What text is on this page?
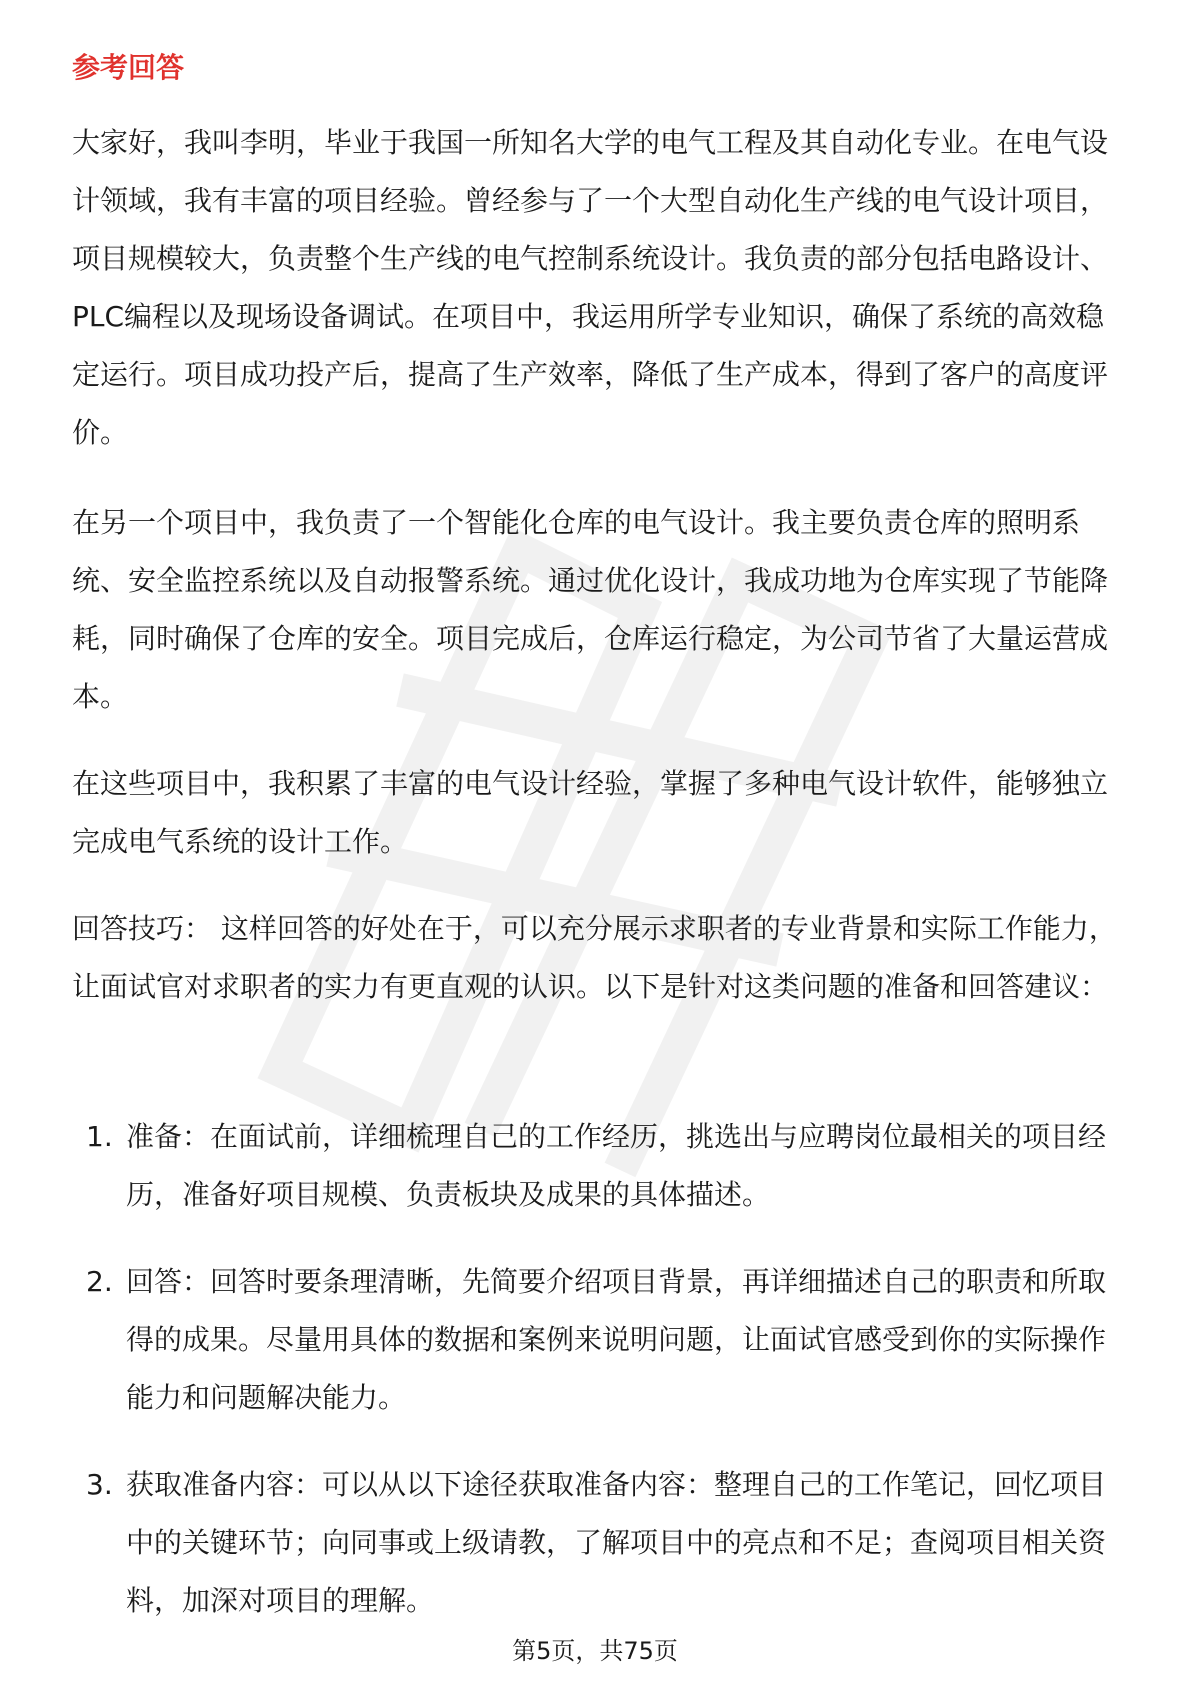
参考回答

大家好，我叫李明，毕业于我国一所知名大学的电气工程及其自动化专业。在电气设计领域，我有丰富的项目经验。曾经参与了一个大型自动化生产线的电气设计项目，项目规模较大，负责整个生产线的电气控制系统设计。我负责的部分包括电路设计、PLC编程以及现场设备调试。在项目中，我运用所学专业知识，确保了系统的高效稳定运行。项目成功投产后，提高了生产效率，降低了生产成本，得到了客户的高度评价。

在另一个项目中，我负责了一个智能化仓库的电气设计。我主要负责仓库的照明系统、安全监控系统以及自动报警系统。通过优化设计，我成功地为仓库实现了节能降耗，同时确保了仓库的安全。项目完成后，仓库运行稳定，为公司节省了大量运营成本。

在这些项目中，我积累了丰富的电气设计经验，掌握了多种电气设计软件，能够独立完成电气系统的设计工作。

回答技巧： 这样回答的好处在于，可以充分展示求职者的专业背景和实际工作能力，让面试官对求职者的实力有更直观的认识。以下是针对这类问题的准备和回答建议：

1. 准备：在面试前，详细梳理自己的工作经历，挑选出与应聘岗位最相关的项目经历，准备好项目规模、负责板块及成果的具体描述。
2. 回答：回答时要条理清晰，先简要介绍项目背景，再详细描述自己的职责和所取得的成果。尽量用具体的数据和案例来说明问题，让面试官感受到你的实际操作能力和问题解决能力。
3. 获取准备内容：可以从以下途径获取准备内容：整理自己的工作笔记，回忆项目中的关键环节；向同事或上级请教，了解项目中的亮点和不足；查阅项目相关资料，加深对项目的理解。
第5页，共75页
